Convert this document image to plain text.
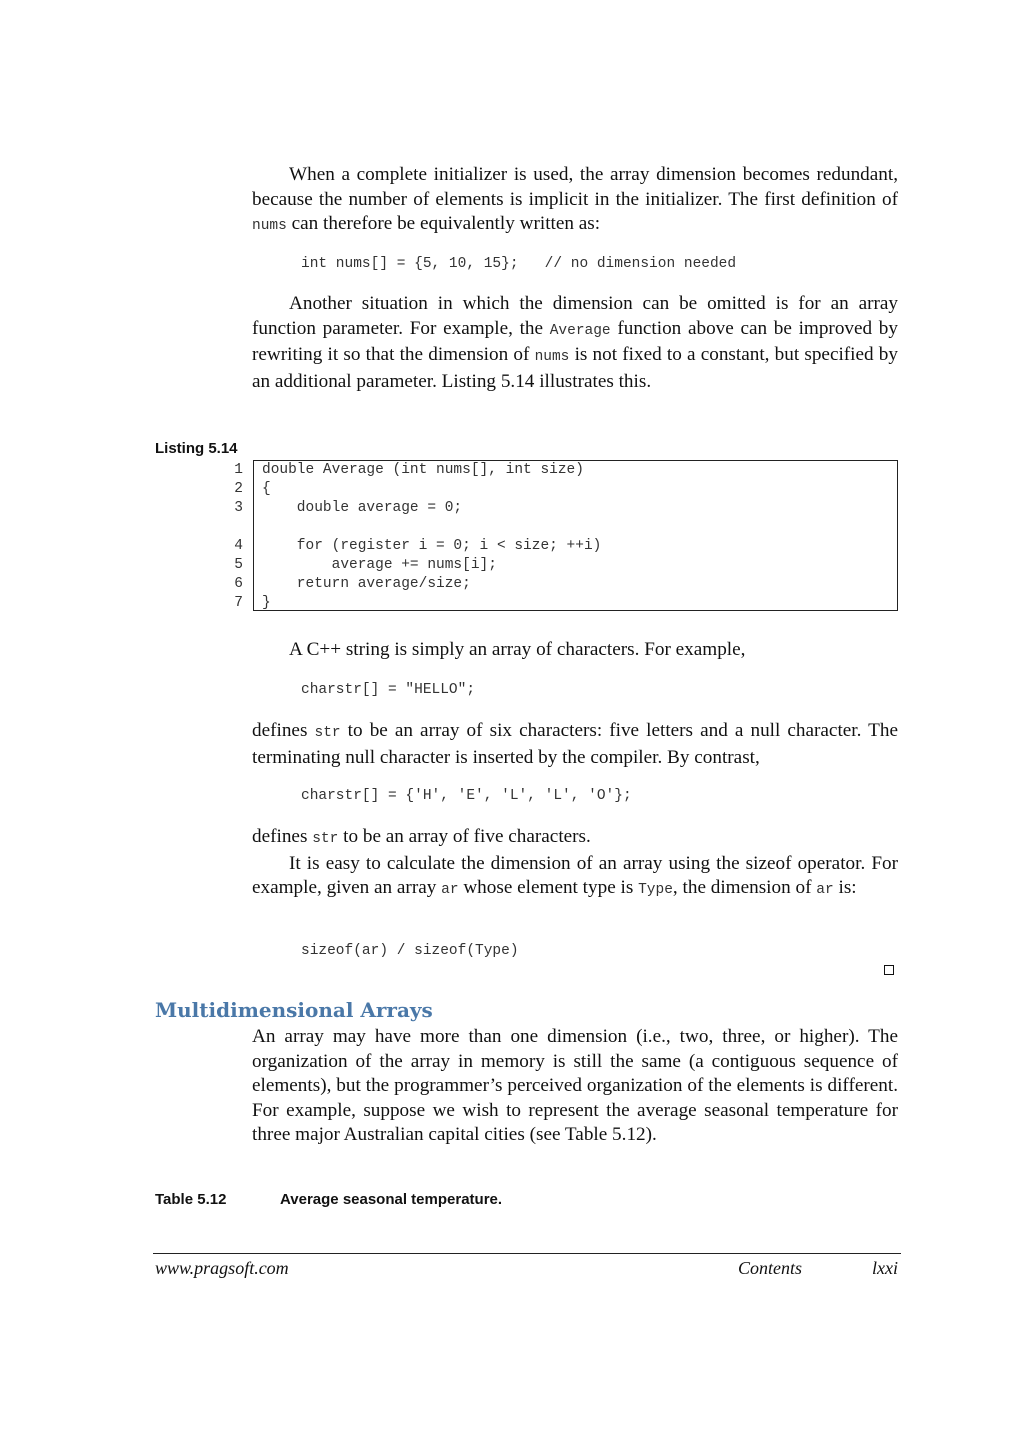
When a complete initializer is used, the array dimension becomes redundant, because the number of elements is implicit in the initializer. The first definition of nums can therefore be equivalently written as:

int nums[] = {5, 10, 15};   // no dimension needed

Another situation in which the dimension can be omitted is for an array function parameter. For example, the Average function above can be improved by rewriting it so that the dimension of nums is not fixed to a constant, but specified by an additional parameter. Listing 5.14 illustrates this.

Listing 5.14
1 double Average (int nums[], int size)
2 {
3 double average = 0;
4 for (register i = 0; i < size; ++i)
5 average += nums[i];
6 return average/size;
7 }

A C++ string is simply an array of characters. For example,

charstr[] = "HELLO";

defines str to be an array of six characters: five letters and a null character. The terminating null character is inserted by the compiler. By contrast,

charstr[] = {'H', 'E', 'L', 'L', 'O'};

defines str to be an array of five characters.

It is easy to calculate the dimension of an array using the sizeof operator. For example, given an array ar whose element type is Type, the dimension of ar is:

sizeof(ar) / sizeof(Type)
Multidimensional Arrays

An array may have more than one dimension (i.e., two, three, or higher). The organization of the array in memory is still the same (a contiguous sequence of elements), but the programmer’s perceived organization of the elements is different. For example, suppose we wish to represent the average seasonal temperature for three major Australian capital cities (see Table 5.12).

Table 5.12	Average seasonal temperature.
www.pragsoft.com	Contents	lxxi
